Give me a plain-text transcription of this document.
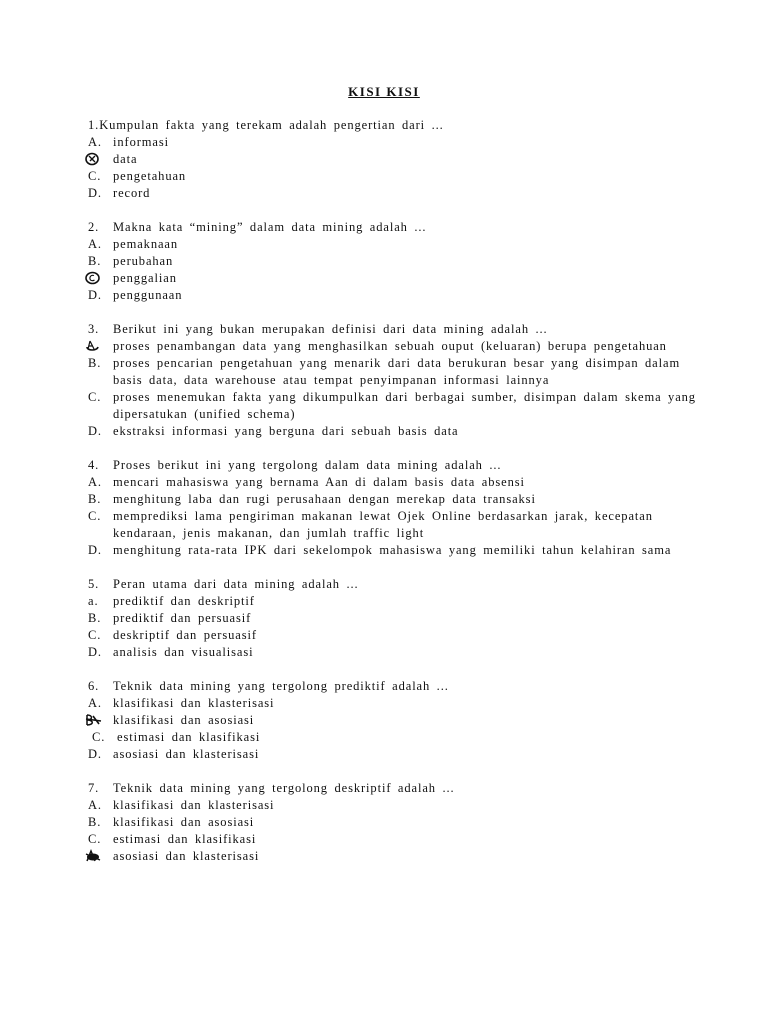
KISI KISI
1. Kumpulan fakta yang terekam adalah pengertian dari ...
A. informasi
data
C. pengetahuan
D. record
2.	Makna kata “mining” dalam data mining adalah ...
A. pemaknaan
B. perubahan
penggalian
D. penggunaan
3.	Berikut ini yang bukan merupakan definisi dari data mining adalah ...
proses penambangan data yang menghasilkan sebuah ouput (keluaran) berupa pengetahuan
B. proses pencarian pengetahuan yang menarik dari data berukuran besar yang disimpan dalam basis data, data warehouse atau tempat penyimpanan informasi lainnya
C. proses menemukan fakta yang dikumpulkan dari berbagai sumber, disimpan dalam skema yang dipersatukan (unified schema)
D. ekstraksi informasi yang berguna dari sebuah basis data
4.	Proses berikut ini yang tergolong dalam data mining adalah ...
A. mencari mahasiswa yang bernama Aan di dalam basis data absensi
B. menghitung laba dan rugi perusahaan dengan merekap data transaksi
C. memprediksi lama pengiriman makanan lewat Ojek Online berdasarkan jarak, kecepatan kendaraan, jenis makanan, dan jumlah traffic light
D. menghitung rata-rata IPK dari sekelompok mahasiswa yang memiliki tahun kelahiran sama
5.	Peran utama dari data mining adalah ...
a.	prediktif dan deskriptif
B. prediktif dan persuasif
C. deskriptif dan persuasif
D. analisis dan visualisasi
6.	Teknik data mining yang tergolong prediktif adalah ...
A. klasifikasi dan klasterisasi
klasifikasi dan asosiasi
C. estimasi dan klasifikasi
D. asosiasi dan klasterisasi
7.	Teknik data mining yang tergolong deskriptif adalah ...
A. klasifikasi dan klasterisasi
B. klasifikasi dan asosiasi
C. estimasi dan klasifikasi
asosiasi dan klasterisasi
